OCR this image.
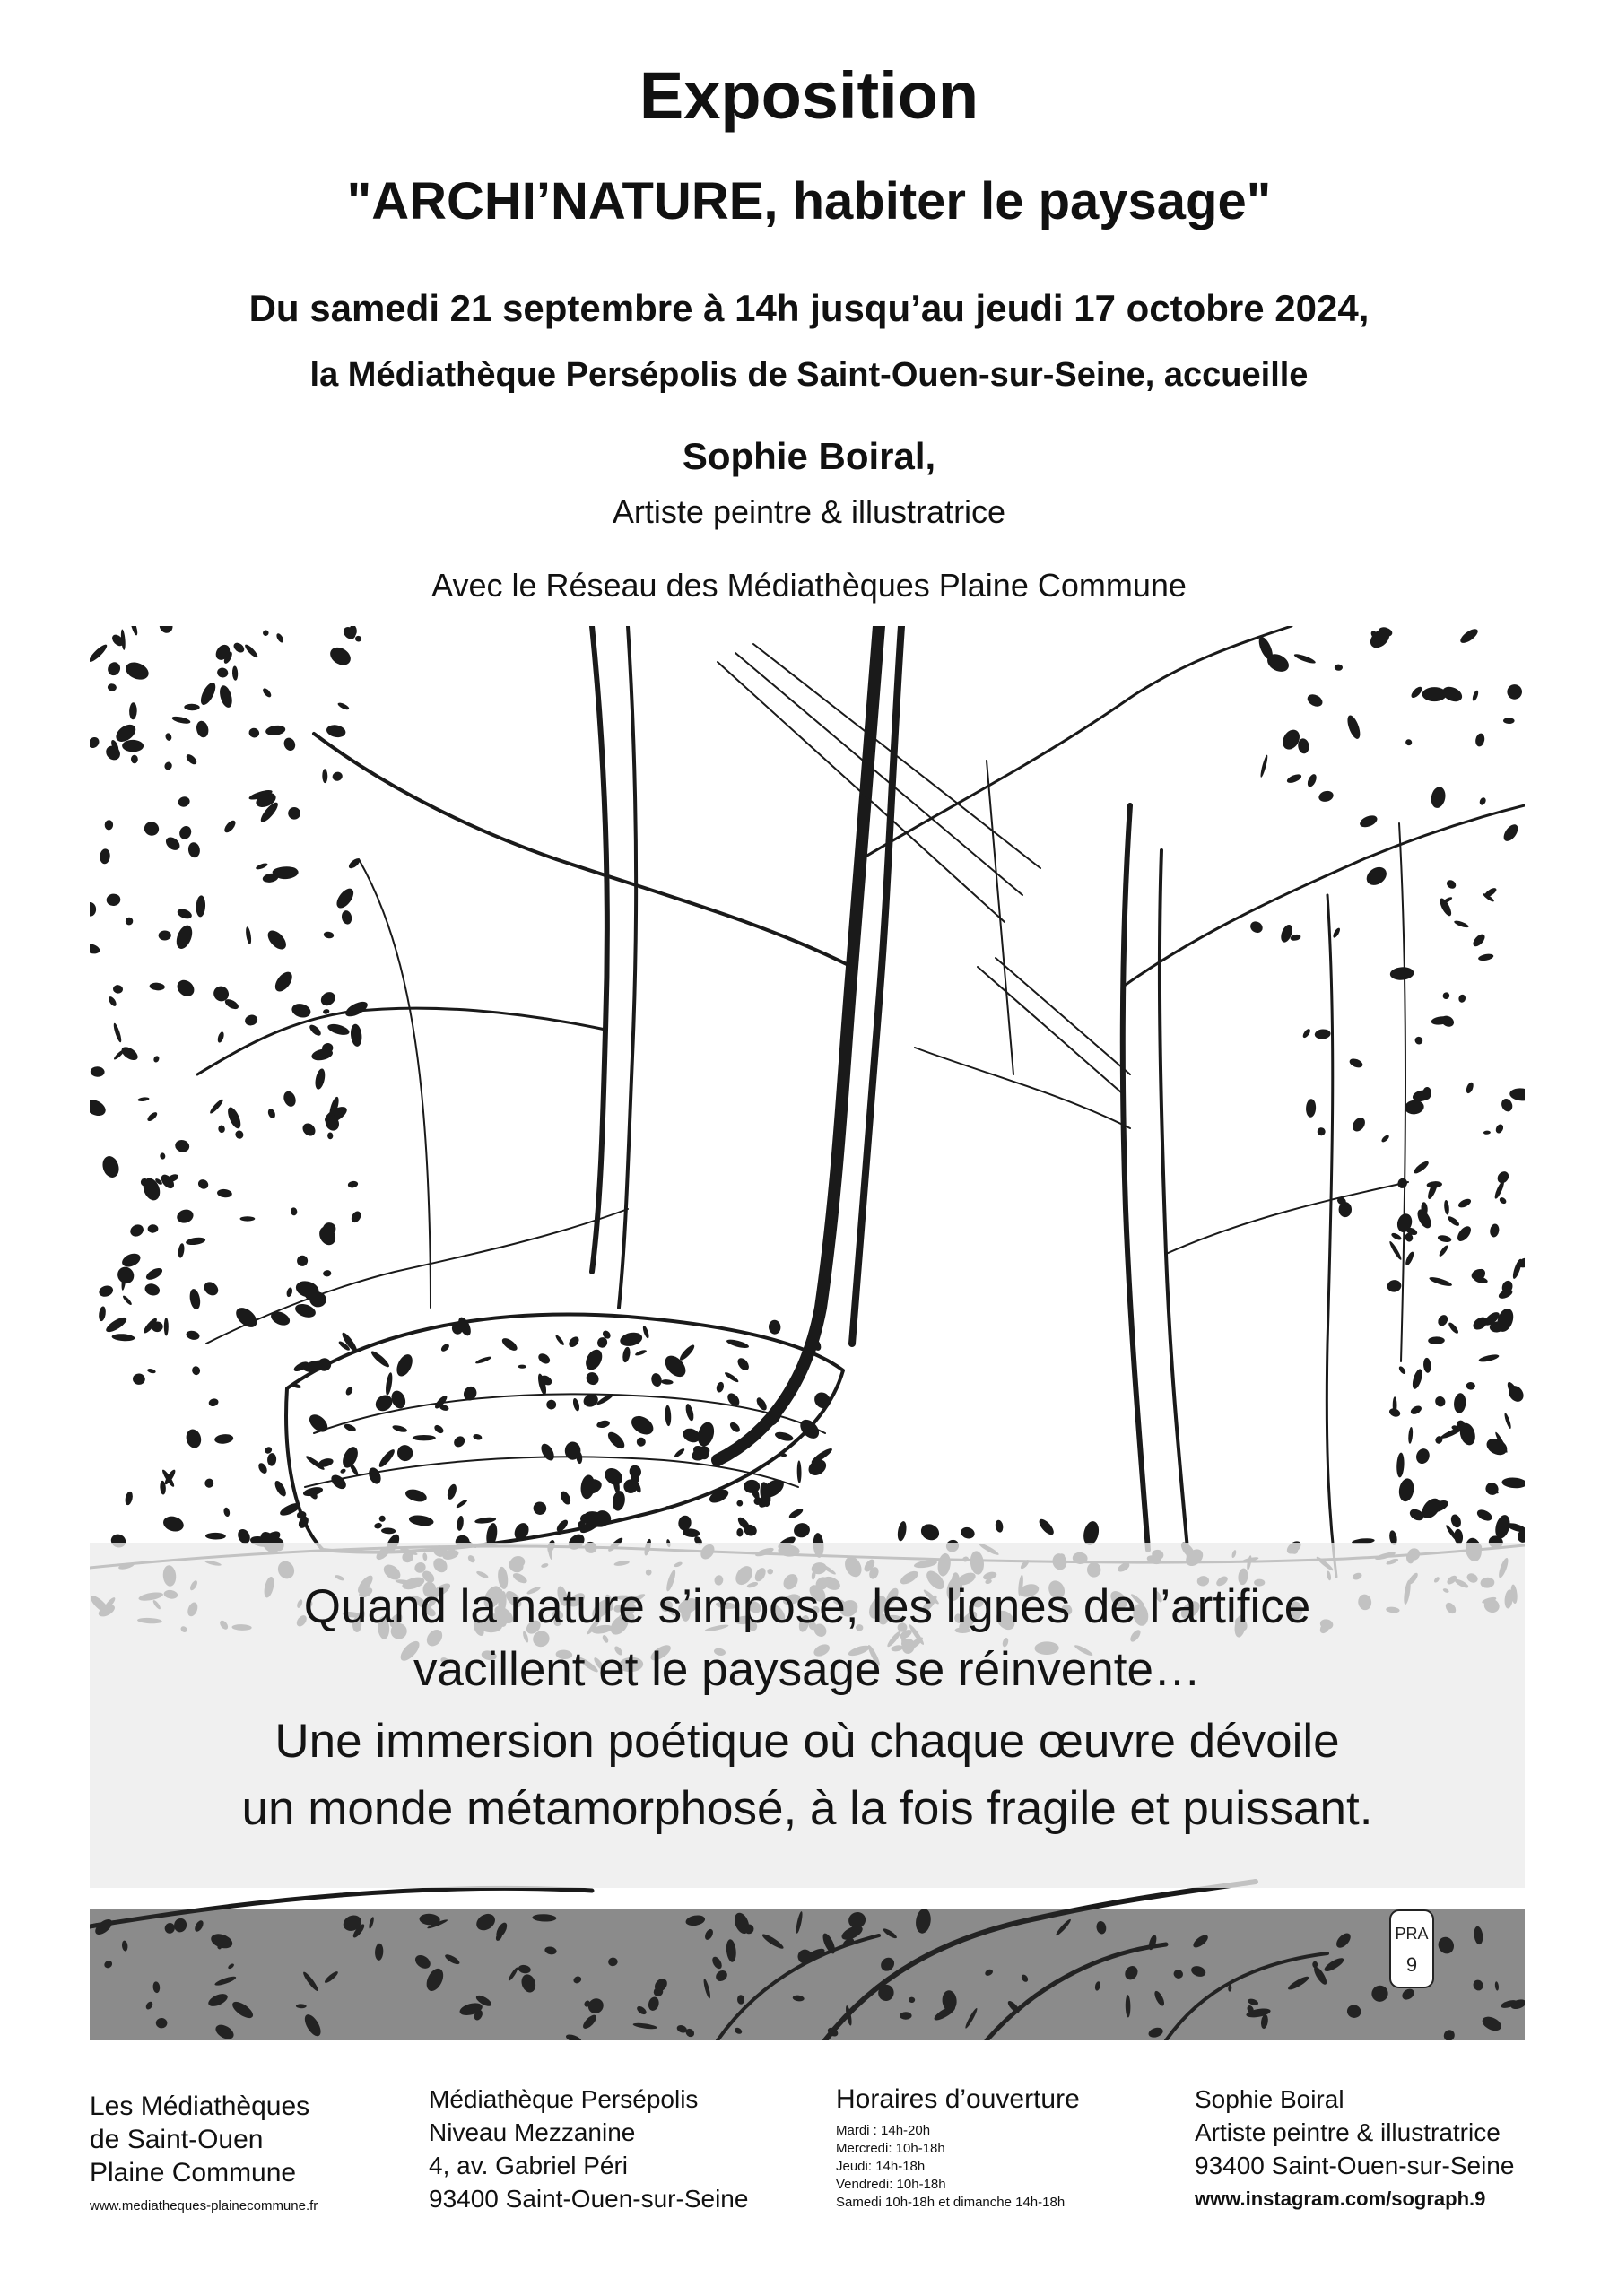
Exposition
"ARCHI’NATURE, habiter le paysage"
Du samedi 21 septembre à 14h jusqu’au jeudi 17 octobre 2024,
la Médiathèque Persépolis de Saint-Ouen-sur-Seine, accueille
Sophie Boiral,
Artiste peintre & illustratrice
Avec le Réseau des Médiathèques Plaine Commune
Quand la nature s’impose, les lignes de l’artifice
vacillent et le paysage se réinvente…
Une immersion poétique où chaque œuvre dévoile
un monde métamorphosé, à la fois fragile et puissant.
PRA
9
Les Médiathèques
de Saint-Ouen
Plaine Commune
www.mediatheques-plainecommune.fr
Médiathèque Persépolis
Niveau Mezzanine
4, av. Gabriel Péri
93400 Saint-Ouen-sur-Seine
Horaires d’ouverture
Mardi : 14h-20h
Mercredi: 10h-18h
Jeudi: 14h-18h
Vendredi: 10h-18h
Samedi 10h-18h et dimanche 14h-18h
Sophie Boiral
Artiste peintre & illustratrice
93400 Saint-Ouen-sur-Seine
www.instagram.com/sograph.9
